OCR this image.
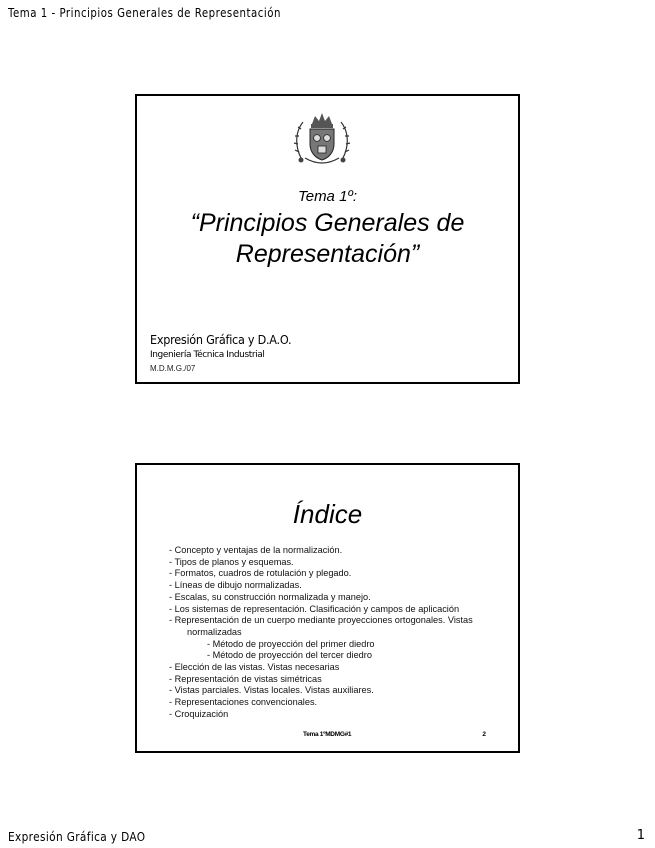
Tema 1 - Principios Generales de Representación
Tema 1º:
“Principios Generales de
Representación”
Expresión Gráfica y D.A.O.
Ingeniería Técnica Industrial
M.D.M.G./07
Índice
- Concepto y ventajas de la normalización.
- Tipos de planos y esquemas.
- Formatos, cuadros de rotulación y plegado.
- Líneas de dibujo normalizadas.
- Escalas, su construcción normalizada y manejo.
- Los sistemas de representación. Clasificación y campos de aplicación
- Representación de un cuerpo mediante proyecciones ortogonales. Vistas
normalizadas
- Método de proyección del primer diedro
- Método de proyección del tercer diedro
- Elección de las vistas. Vistas necesarias
- Representación de vistas simétricas
- Vistas parciales. Vistas locales. Vistas auxiliares.
- Representaciones convencionales.
- Croquización
Tema 1ºMDMG#1	2
Expresión Gráfica y DAO	1
